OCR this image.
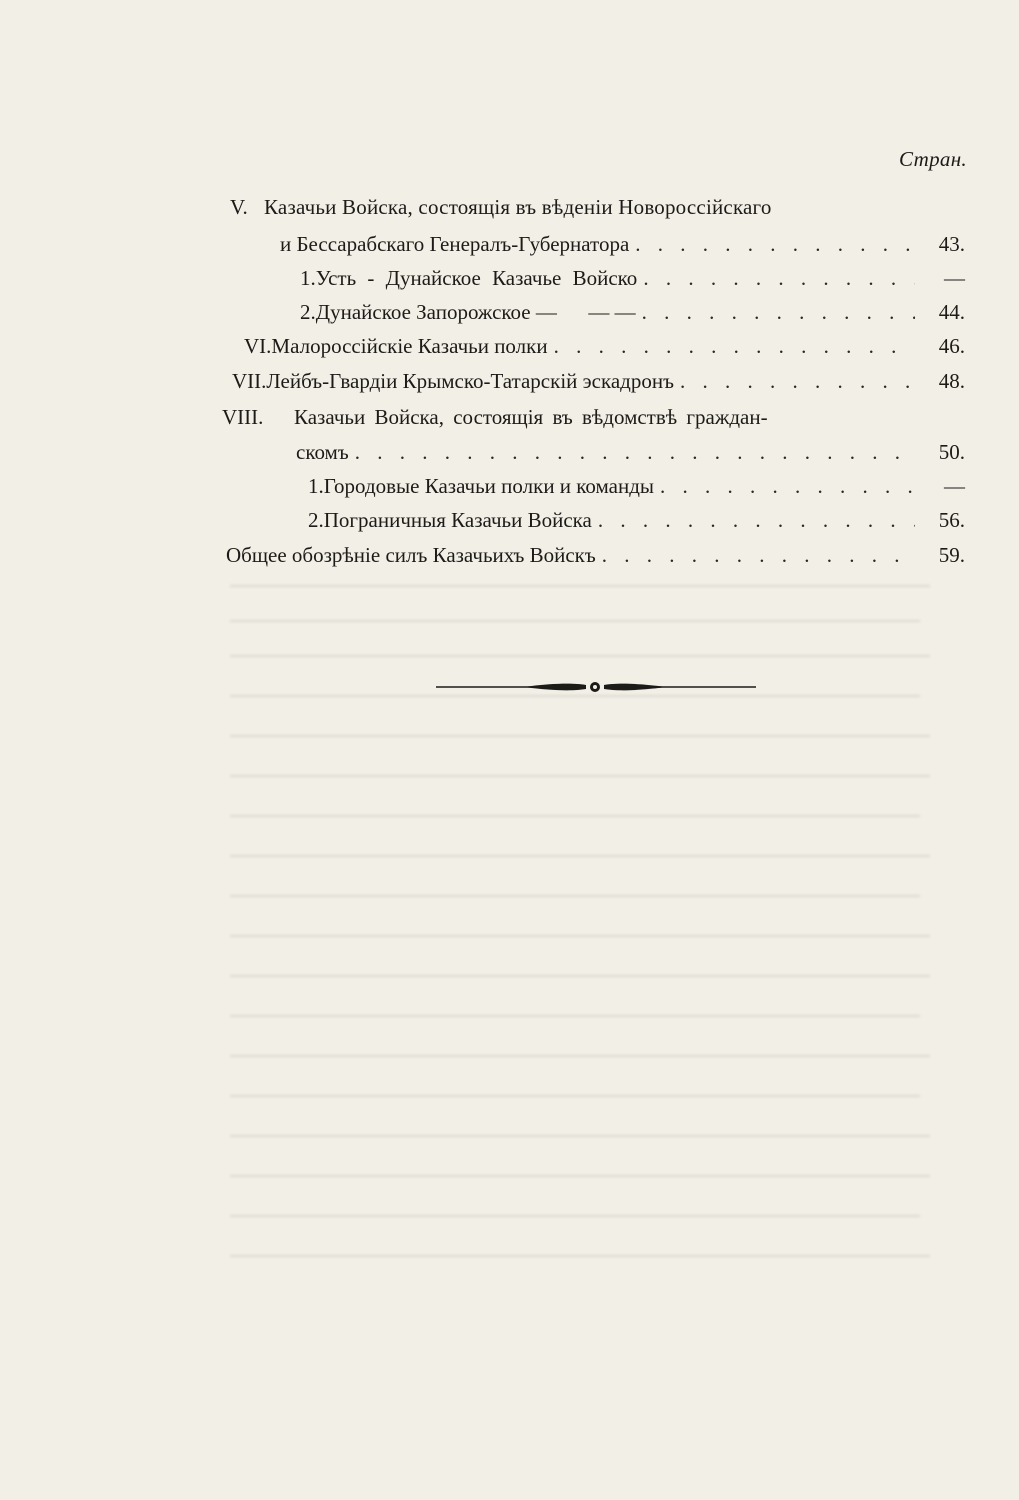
Стран.
V. Казачьи Войска, состоящія въ вѣденіи Новороссійскаго
и Бессарабскаго Генералъ-Губернатора . . .	43.
1. Усть - Дунайское Казачье Войско . . .	—
2. Дунайское Запорожское —      — — . . .	44.
VI. Малороссійскіе Казачьи полки . . .	46.
VII. Лейбъ-Гвардіи Крымско-Татарскій эскадронъ . . .	48.
VIII.	Казачьи Войска, состоящія въ вѣдомствѣ граждан-
скомъ . . .	50.
1. Городовые Казачьи полки и команды . . .	—
2. Пограничныя Казачьи Войска . . .	56.
Общее обозрѣніе силъ Казачьихъ Войскъ . . .	59.
